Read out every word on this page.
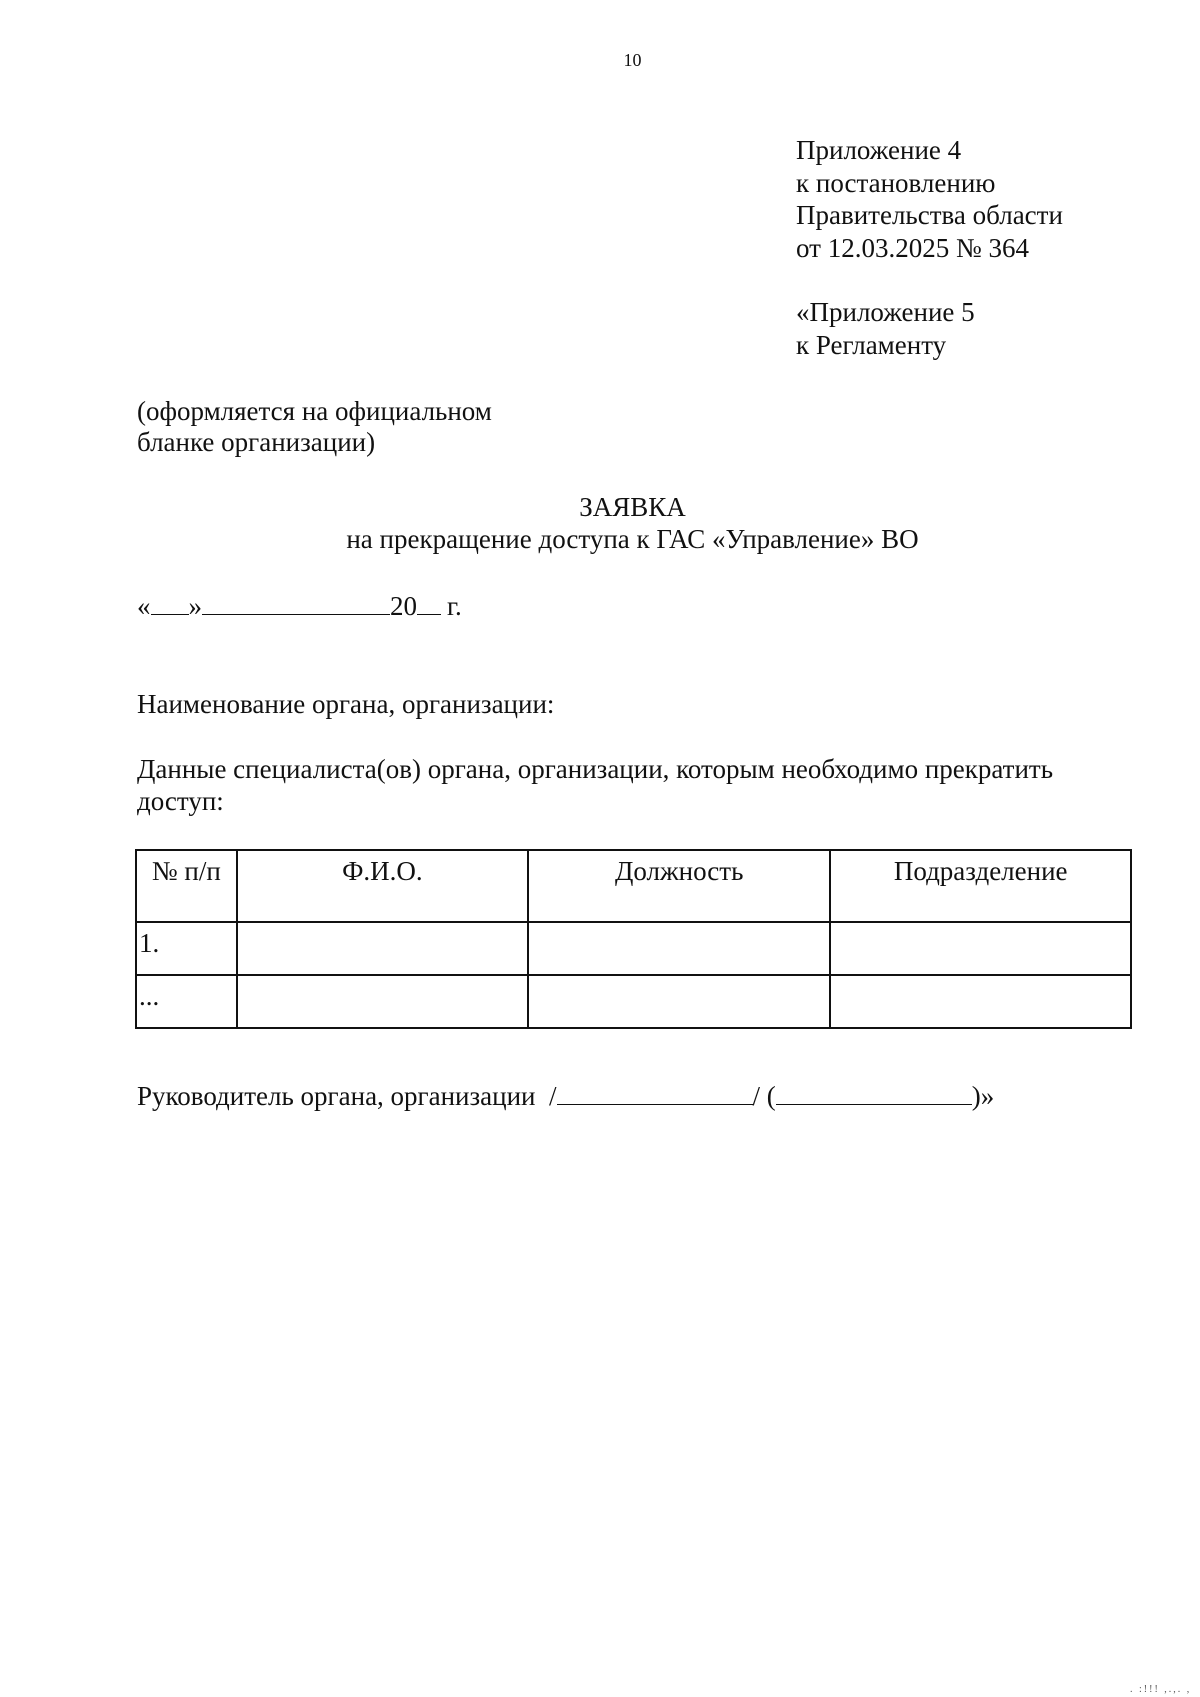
10
Приложение 4
к постановлению
Правительства области
от 12.03.2025 № 364
«Приложение 5
к Регламенту
(оформляется на официальном
бланке организации)
ЗАЯВКА
на прекращение доступа к ГАС «Управление» ВО
« »	20 г.
Наименование органа, организации:
Данные специалиста(ов) органа, организации, которым необходимо прекратить доступ:
№ п/п	Ф.И.О.	Должность	Подразделение
1.			
...			
Руководитель органа, организации /	/ (	)»
. :!!! ,.,. ,
